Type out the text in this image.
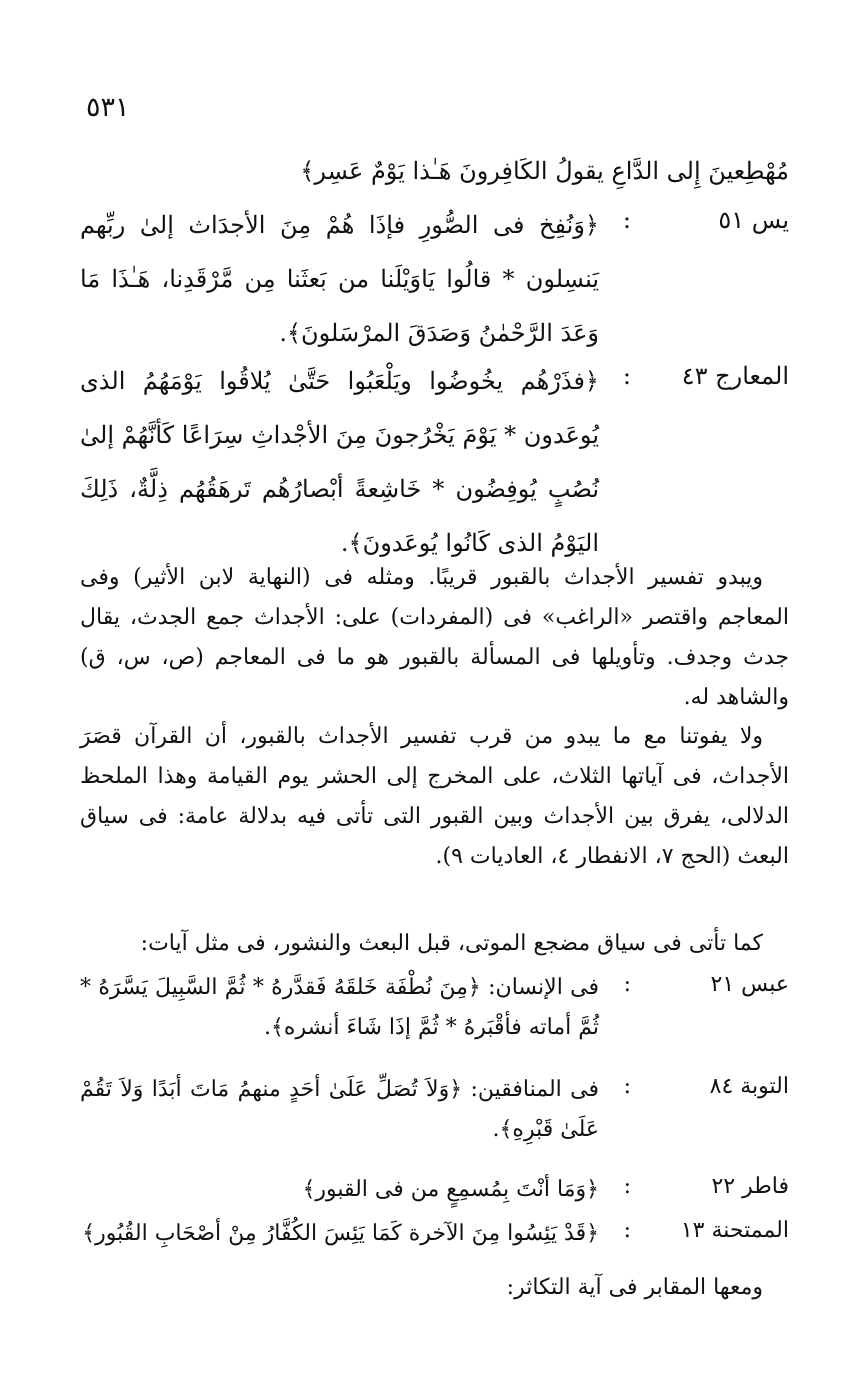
٥٣١
مُهْطِعينَ إِلى الدَّاعِ يقولُ الكَافِرونَ هَـٰذا يَوْمٌ عَسِر﴾
يس ٥١
:
﴿وَنُفِخ فى الصُّورِ فإذَا هُمْ مِنَ الأجدَاث إلىٰ ربِّهم يَنسِلون * قالُوا يَاوَيْلَنا من بَعثَنا مِن مَّرْقَدِنا، هَـٰذَا مَا وَعَدَ الرَّحْمٰنُ وَصَدَقَ المرْسَلونَ﴾.
المعارج ٤٣
:
﴿فذَرْهُم يخُوضُوا ويَلْعَبُوا حَتَّىٰ يُلاقُوا يَوْمَهُمُ الذى يُوعَدون * يَوْمَ يَخْرُجونَ مِنَ الأجْداثِ سِرَاعًا كَأنَّهُمْ إلىٰ نُصُبٍ يُوفِضُون * خَاشِعةً أبْصارُهُم تَرهَقُهُم ذِلَّةٌ، ذَلِكَ اليَوْمُ الذى كَانُوا يُوعَدونَ﴾.
ويبدو تفسير الأجداث بالقبور قريبًا. ومثله فى (النهاية لابن الأثير) وفى المعاجم واقتصر «الراغب» فى (المفردات) على: الأجداث جمع الجدث، يقال جدث وجدف. وتأويلها فى المسألة بالقبور هو ما فى المعاجم (ص، س، ق) والشاهد له.
ولا يفوتنا مع ما يبدو من قرب تفسير الأجداث بالقبور، أن القرآن قصَرَ الأجداث، فى آياتها الثلاث، على المخرج إلى الحشر يوم القيامة وهذا الملحظ الدلالى، يفرق بين الأجداث وبين القبور التى تأتى فيه بدلالة عامة: فى سياق البعث (الحج ٧، الانفطار ٤، العاديات ٩).
كما تأتى فى سياق مضجع الموتى، قبل البعث والنشور، فى مثل آيات:
عبس ٢١
:
فى الإنسان: ﴿مِنَ نُطْفَة خَلقَهُ فَقدَّرهُ * ثُمَّ السَّبِيلَ يَسَّرَهُ * ثُمَّ أماته فأقْبَرهُ * ثُمَّ إذَا شَاءَ أنشره﴾.
التوبة ٨٤
:
فى المنافقين: ﴿وَلاَ تُصَلِّ عَلَىٰ أحَدٍ منهمُ مَاتَ أبَدًا وَلاَ تَقُمْ عَلَىٰ قَبْرِهِ﴾.
فاطر ٢٢
:
﴿وَمَا أنْتَ بِمُسمِعٍ من فى القبور﴾
الممتحنة ١٣
:
﴿قَدْ يَئِسُوا مِنَ الآخرة كَمَا يَئِسَ الكُفَّارُ مِنْ أصْحَابِ القُبُور﴾
ومعها المقابر فى آية التكاثر:
